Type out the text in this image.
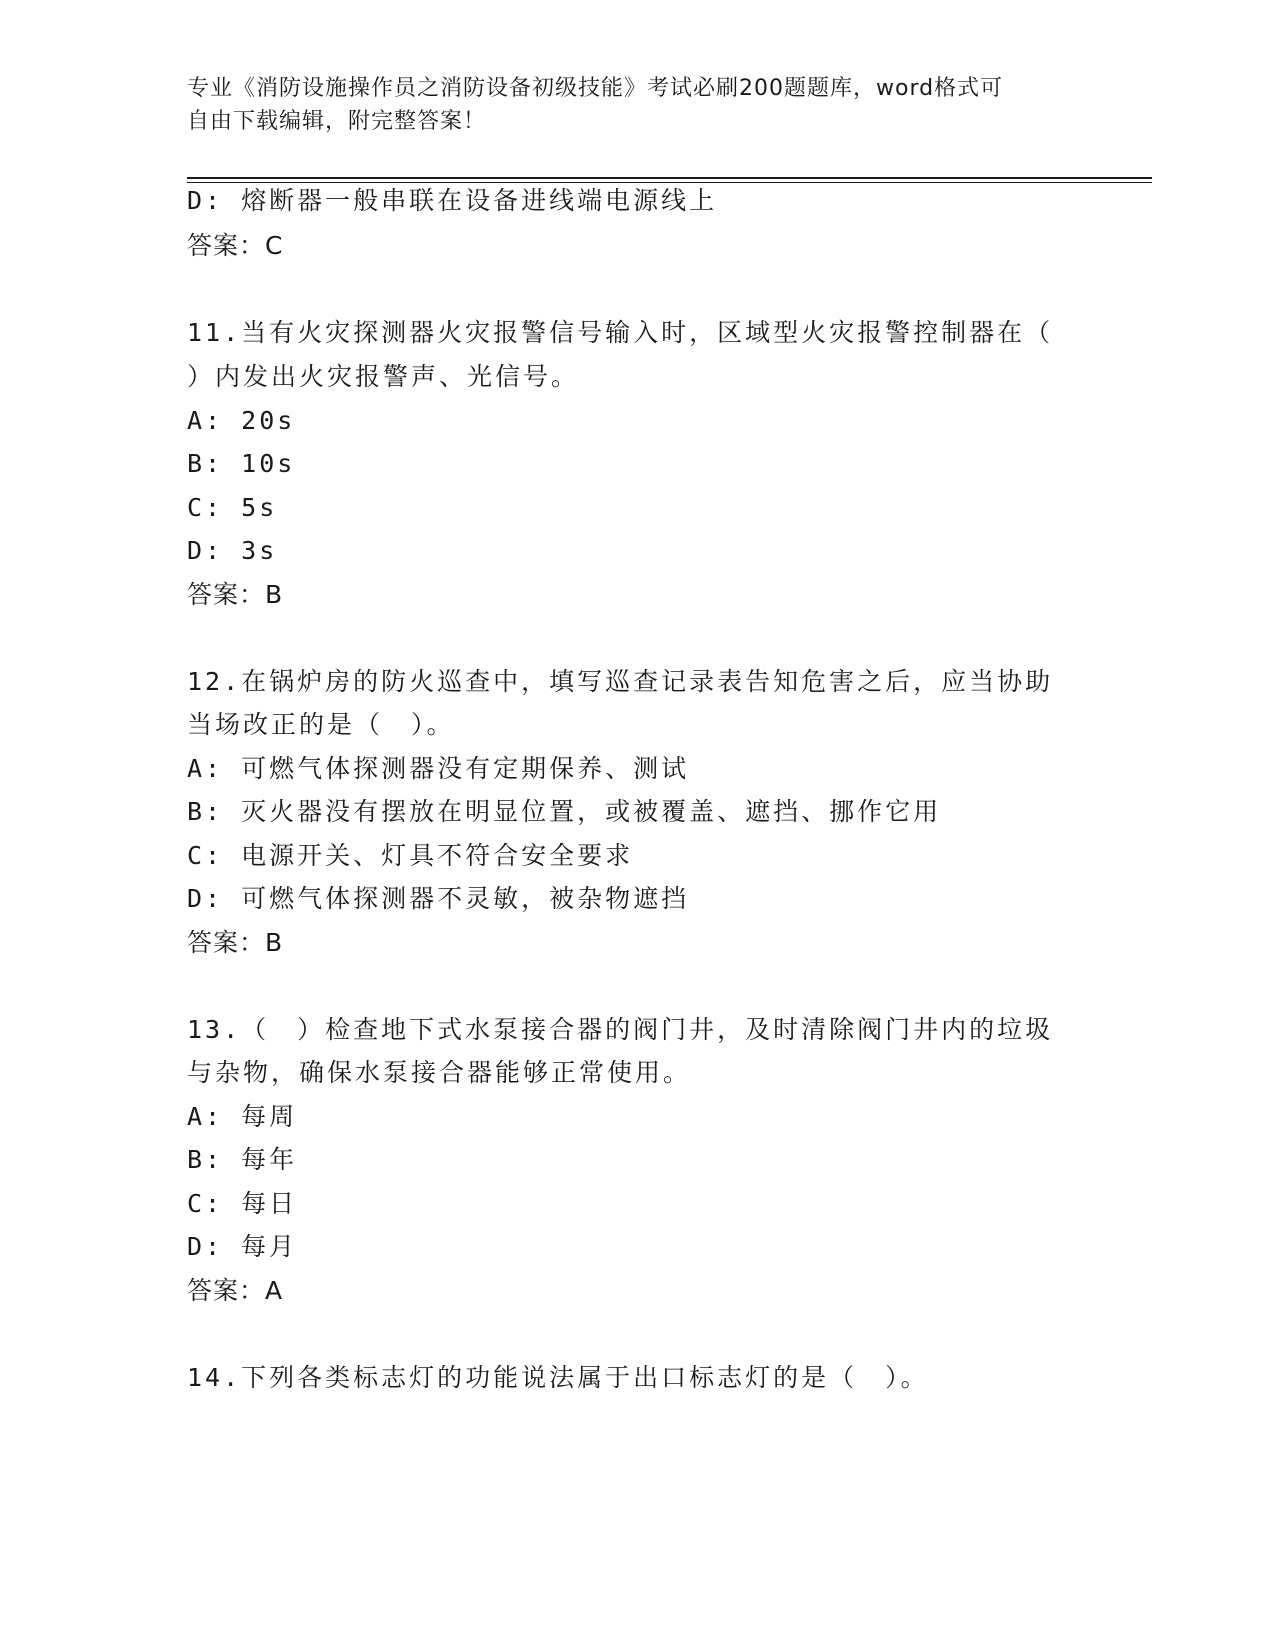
专业《消防设施操作员之消防设备初级技能》考试必刷200题题库，word格式可
自由下载编辑，附完整答案！
D: 熔断器一般串联在设备进线端电源线上
答案：C
11.当有火灾探测器火灾报警信号输入时，区域型火灾报警控制器在（
）内发出火灾报警声、光信号。
A: 20s
B: 10s
C: 5s
D: 3s
答案：B
12.在锅炉房的防火巡查中，填写巡查记录表告知危害之后，应当协助
当场改正的是（　）。
A: 可燃气体探测器没有定期保养、测试
B: 灭火器没有摆放在明显位置，或被覆盖、遮挡、挪作它用
C: 电源开关、灯具不符合安全要求
D: 可燃气体探测器不灵敏，被杂物遮挡
答案：B
13.（　）检查地下式水泵接合器的阀门井，及时清除阀门井内的垃圾
与杂物，确保水泵接合器能够正常使用。
A: 每周
B: 每年
C: 每日
D: 每月
答案：A
14.下列各类标志灯的功能说法属于出口标志灯的是（　）。
